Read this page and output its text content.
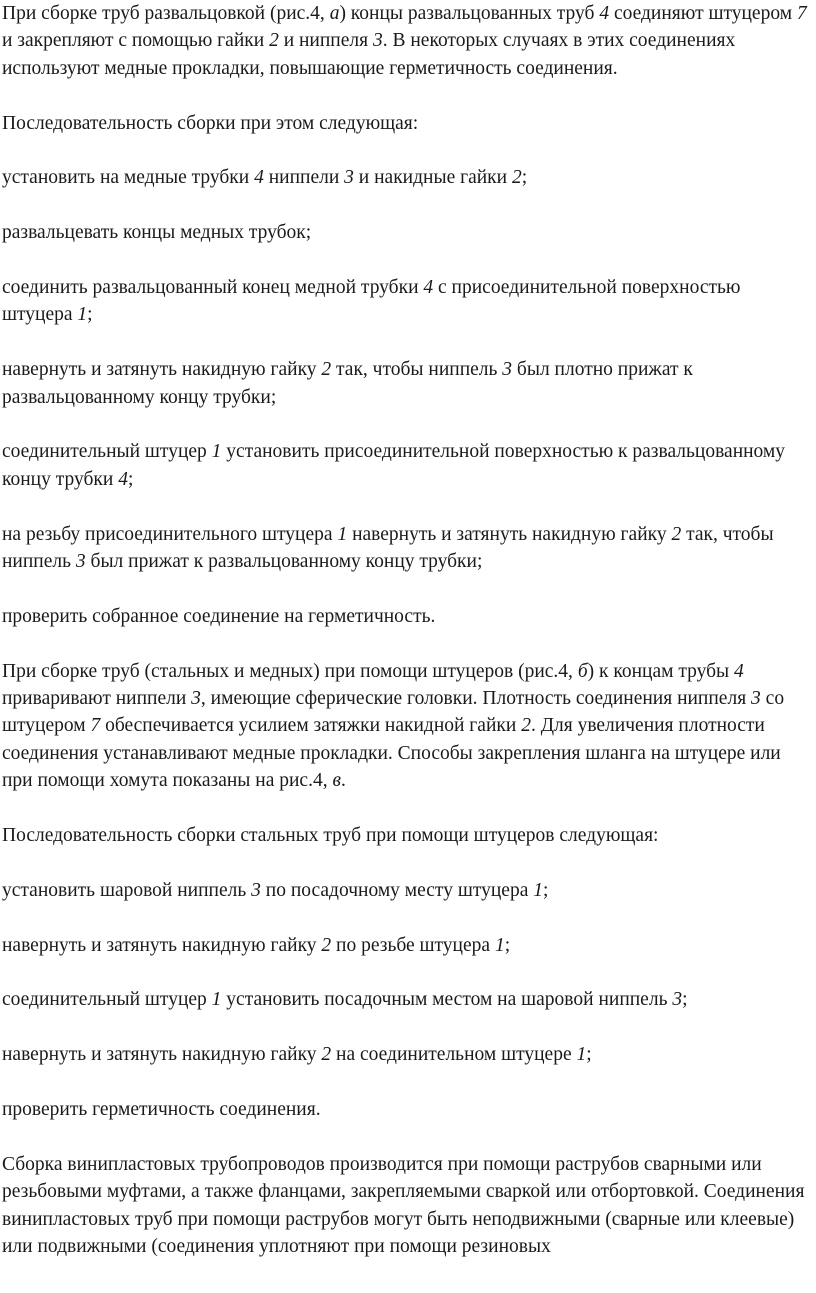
При сборке труб развальцовкой (рис.4, а) концы развальцованных труб 4 соединяют штуцером 7 и закрепляют с помощью гайки 2 и ниппеля 3. В некоторых случаях в этих соединениях используют медные прокладки, повышающие герметичность соединения.

Последовательность сборки при этом следующая:

установить на медные трубки 4 ниппели 3 и накидные гайки 2;

развальцевать концы медных трубок;

соединить развальцованный конец медной трубки 4 с присоединительной поверхностью штуцера 1;

навернуть и затянуть накидную гайку 2 так, чтобы ниппель 3 был плотно прижат к развальцованному концу трубки;

соединительный штуцер 1 установить присоединительной поверхностью к развальцованному концу трубки 4;

на резьбу присоединительного штуцера 1 навернуть и затянуть накидную гайку 2 так, чтобы ниппель 3 был прижат к развальцованному концу трубки;

проверить собранное соединение на герметичность.

При сборке труб (стальных и медных) при помощи штуцеров (рис.4, б) к концам трубы 4 приваривают ниппели 3, имеющие сферические головки. Плотность соединения ниппеля 3 со штуцером 7 обеспечивается усилием затяжки накидной гайки 2. Для увеличения плотности соединения устанавливают медные прокладки. Способы закрепления шланга на штуцере или при помощи хомута показаны на рис.4, в.

Последовательность сборки стальных труб при помощи штуцеров следующая:

установить шаровой ниппель 3 по посадочному месту штуцера 1;

навернуть и затянуть накидную гайку 2 по резьбе штуцера 1;

соединительный штуцер 1 установить посадочным местом на шаровой ниппель 3;

навернуть и затянуть накидную гайку 2 на соединительном штуцере 1;

проверить герметичность соединения.

Сборка винипластовых трубопроводов производится при помощи раструбов сварными или резьбовыми муфтами, а также фланцами, закрепляемыми сваркой или отбортовкой. Соединения винипластовых труб при помощи раструбов могут быть неподвижными (сварные или клеевые) или подвижными (соединения уплотняют при помощи резиновых
